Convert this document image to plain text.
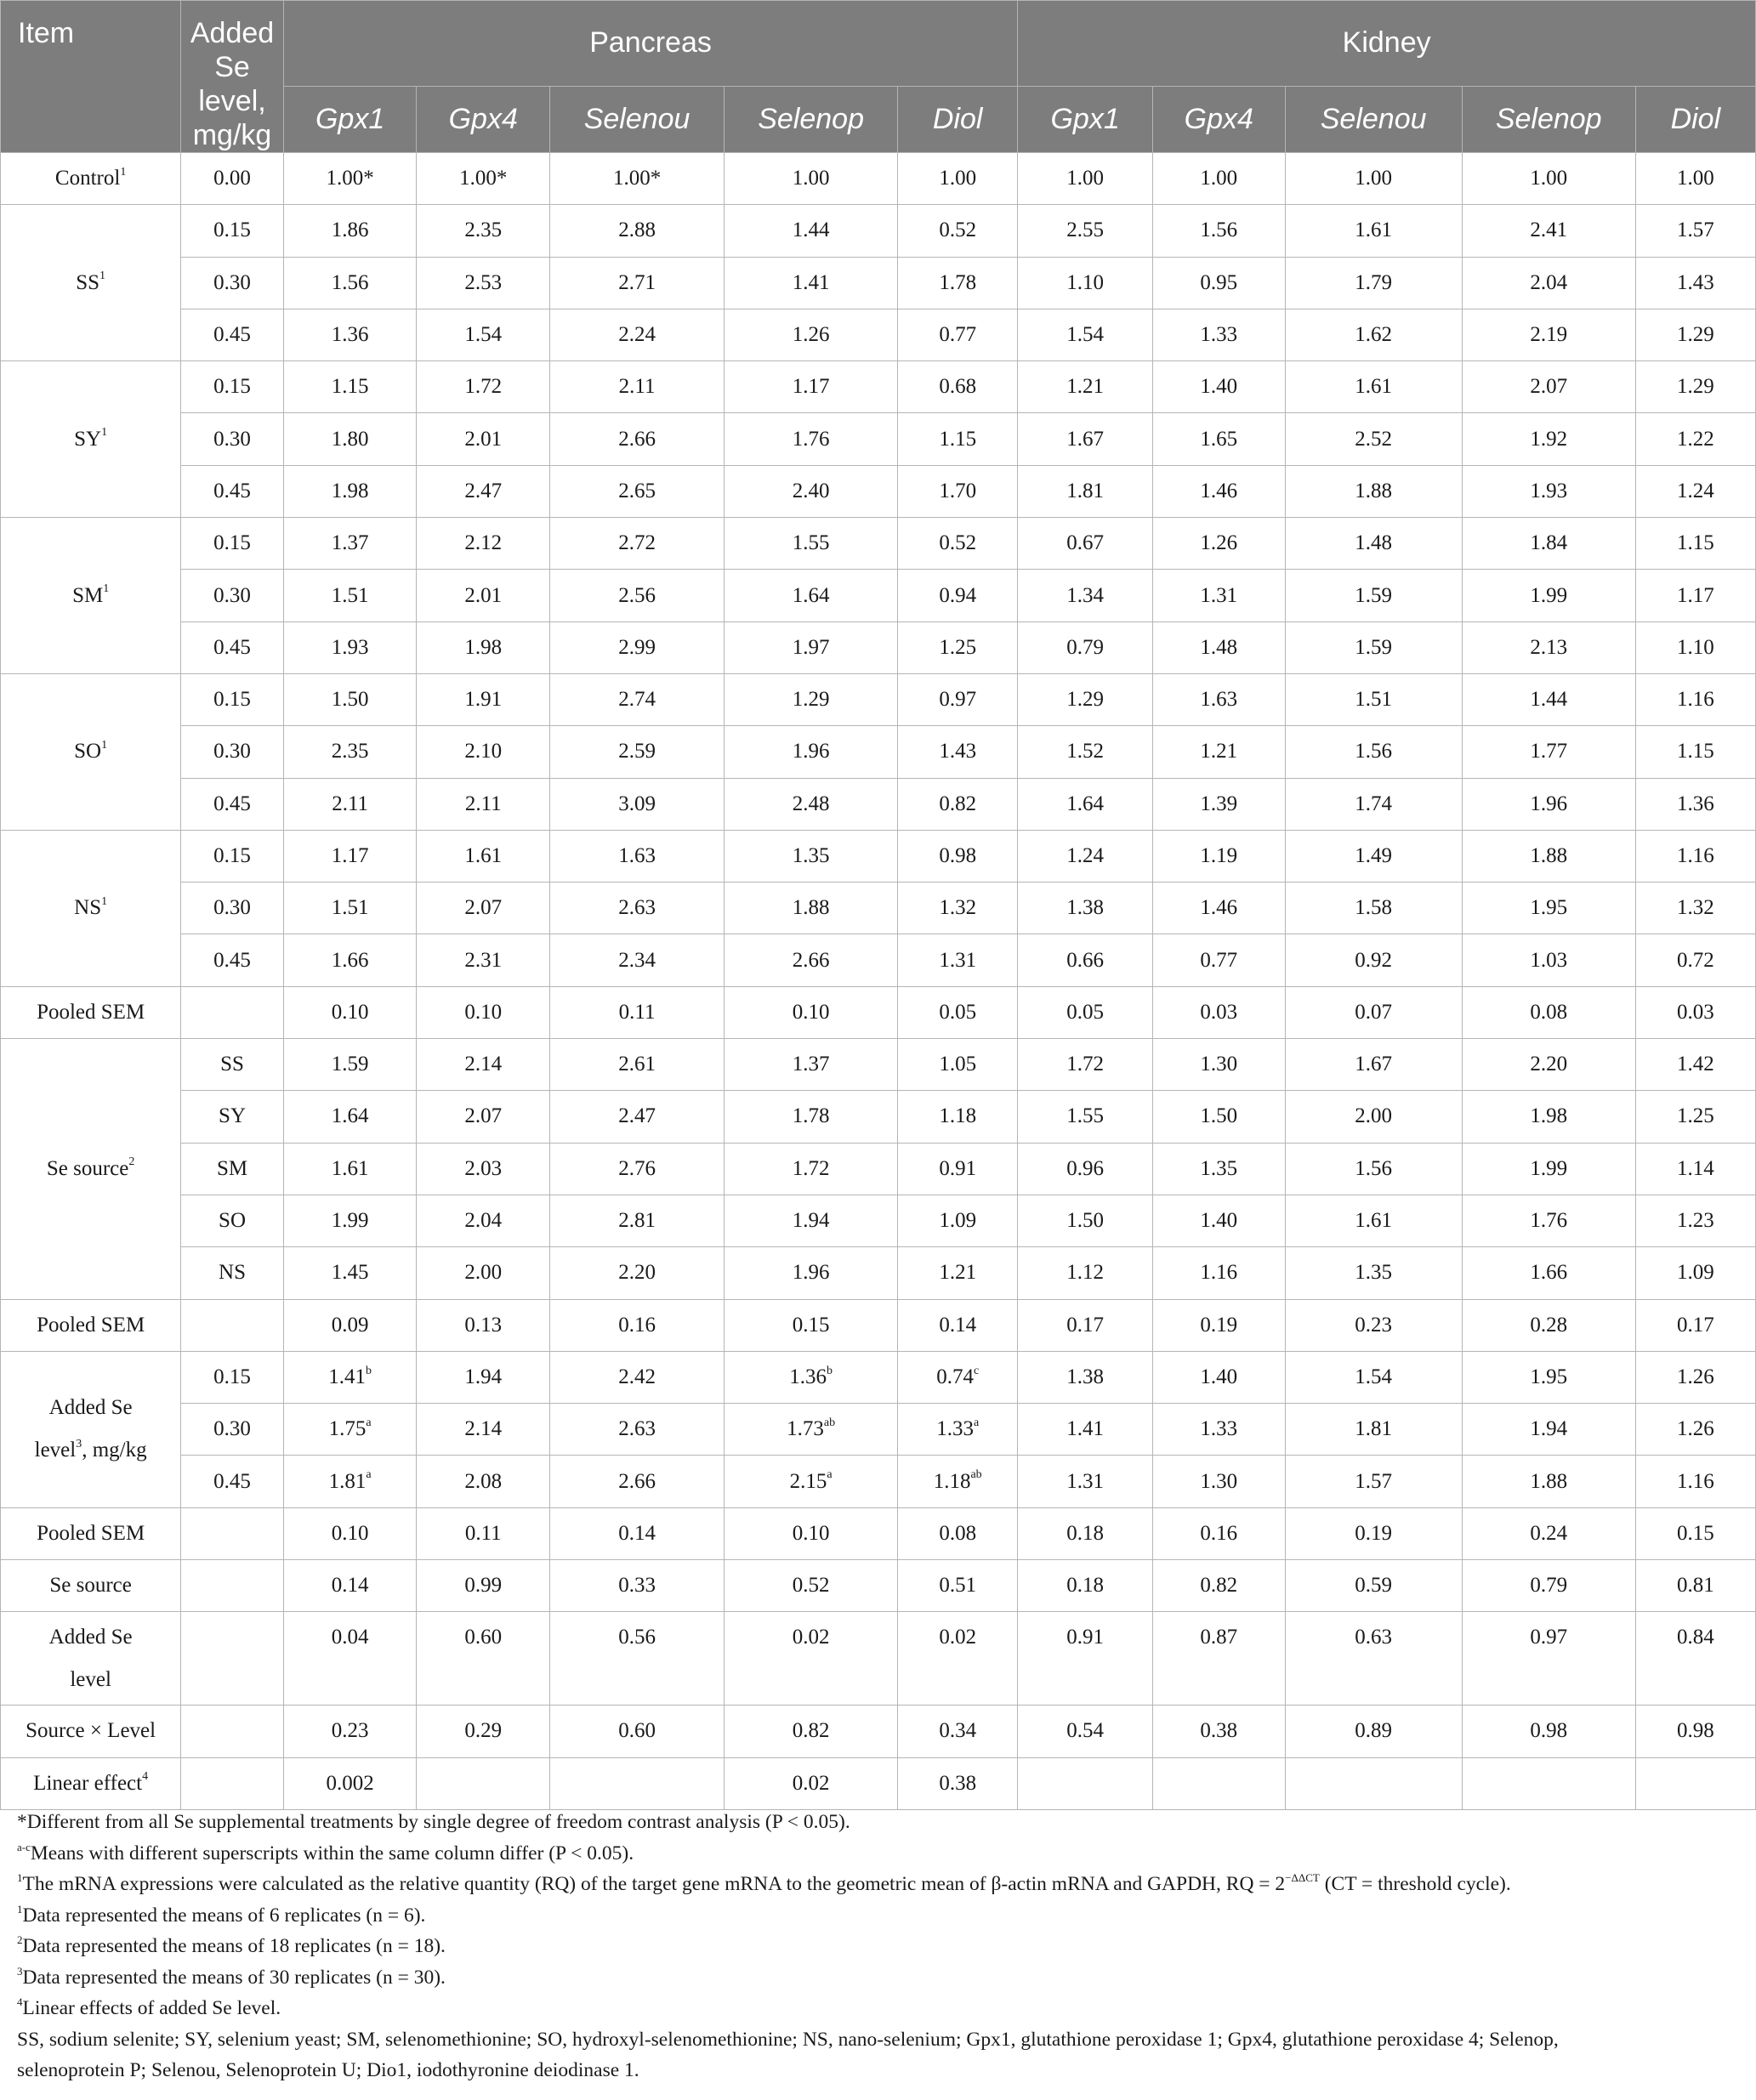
Item	Added
Se level,
mg/kg	Pancreas					Kidney				
		Gpx1	Gpx4	Selenou	Selenop	Diol	Gpx1	Gpx4	Selenou	Selenop	Diol
Control$^1$	0.00	1.00*	1.00*	1.00*	1.00	1.00	1.00	1.00	1.00	1.00	1.00
$SS^1$	0.15	1.86	2.35	2.88	1.44	0.52	2.55	1.56	1.61	2.41	1.57
	0.30	1.56	2.53	2.71	1.41	1.78	1.10	0.95	1.79	2.04	1.43
	0.45	1.36	1.54	2.24	1.26	0.77	1.54	1.33	1.62	2.19	1.29
$SY^1$	0.15	1.15	1.72	2.11	1.17	0.68	1.21	1.40	1.61	2.07	1.29
	0.30	1.80	2.01	2.66	1.76	1.15	1.67	1.65	2.52	1.92	1.22
	0.45	1.98	2.47	2.65	2.40	1.70	1.81	1.46	1.88	1.93	1.24
$SM^1$	0.15	1.37	2.12	2.72	1.55	0.52	0.67	1.26	1.48	1.84	1.15
	0.30	1.51	2.01	2.56	1.64	0.94	1.34	1.31	1.59	1.99	1.17
	0.45	1.93	1.98	2.99	1.97	1.25	0.79	1.48	1.59	2.13	1.10
$SO^1$	0.15	1.50	1.91	2.74	1.29	0.97	1.29	1.63	1.51	1.44	1.16
	0.30	2.35	2.10	2.59	1.96	1.43	1.52	1.21	1.56	1.77	1.15
	0.45	2.11	2.11	3.09	2.48	0.82	1.64	1.39	1.74	1.96	1.36
$NS^1$	0.15	1.17	1.61	1.63	1.35	0.98	1.24	1.19	1.49	1.88	1.16
	0.30	1.51	2.07	2.63	1.88	1.32	1.38	1.46	1.58	1.95	1.32
	0.45	1.66	2.31	2.34	2.66	1.31	0.66	0.77	0.92	1.03	0.72
Pooled SEM		0.10	0.10	0.11	0.10	0.05	0.05	0.03	0.07	0.08	0.03
Se source$^2$	SS	1.59	2.14	2.61	1.37	1.05	1.72	1.30	1.67	2.20	1.42
	SY	1.64	2.07	2.47	1.78	1.18	1.55	1.50	2.00	1.98	1.25
	SM	1.61	2.03	2.76	1.72	0.91	0.96	1.35	1.56	1.99	1.14
	SO	1.99	2.04	2.81	1.94	1.09	1.50	1.40	1.61	1.76	1.23
	NS	1.45	2.00	2.20	1.96	1.21	1.12	1.16	1.35	1.66	1.09
Pooled SEM		0.09	0.13	0.16	0.15	0.14	0.17	0.19	0.23	0.28	0.17
Added Se
level$^3$, mg/kg	0.15	1.41$^b$	1.94	2.42	1.36$^b$	0.74$^c$	1.38	1.40	1.54	1.95	1.26
	0.30	1.75$^a$	2.14	2.63	1.73$^{ab}$	1.33$^a$	1.41	1.33	1.81	1.94	1.26
	0.45	1.81$^a$	2.08	2.66	2.15$^a$	1.18$^{ab}$	1.31	1.30	1.57	1.88	1.16
Pooled SEM		0.10	0.11	0.14	0.10	0.08	0.18	0.16	0.19	0.24	0.15
Se source		0.14	0.99	0.33	0.52	0.51	0.18	0.82	0.59	0.79	0.81
Added Se
level		0.04	0.60	0.56	0.02	0.02	0.91	0.87	0.63	0.97	0.84
Source × Level		0.23	0.29	0.60	0.82	0.34	0.54	0.38	0.89	0.98	0.98
Linear effect$^4$		0.002			0.02	0.38					

*Different from all Se supplemental treatments by single degree of freedom contrast analysis (P < 0.05).

$^{a-c}$Means with different superscripts within the same column differ (P < 0.05).

$^1$The mRNA expressions were calculated as the relative quantity (RQ) of the target gene mRNA to the geometric mean of β-actin mRNA and GAPDH, RQ = $2^{-\Delta\Delta CT}$ (CT = threshold cycle).

$^1$Data represented the means of 6 replicates (n = 6).

$^2$Data represented the means of 18 replicates (n = 18).

$^3$Data represented the means of 30 replicates (n = 30).

$^4$Linear effects of added Se level.

SS, sodium selenite; SY, selenium yeast; SM, selenomethionine; SO, hydroxyl-selenomethionine; NS, nano-selenium; Gpx1, glutathione peroxidase 1; Gpx4, glutathione peroxidase 4; Selenop,

selenoprotein P; Selenou, Selenoprotein U; Dio1, iodothyronine deiodinase 1.
